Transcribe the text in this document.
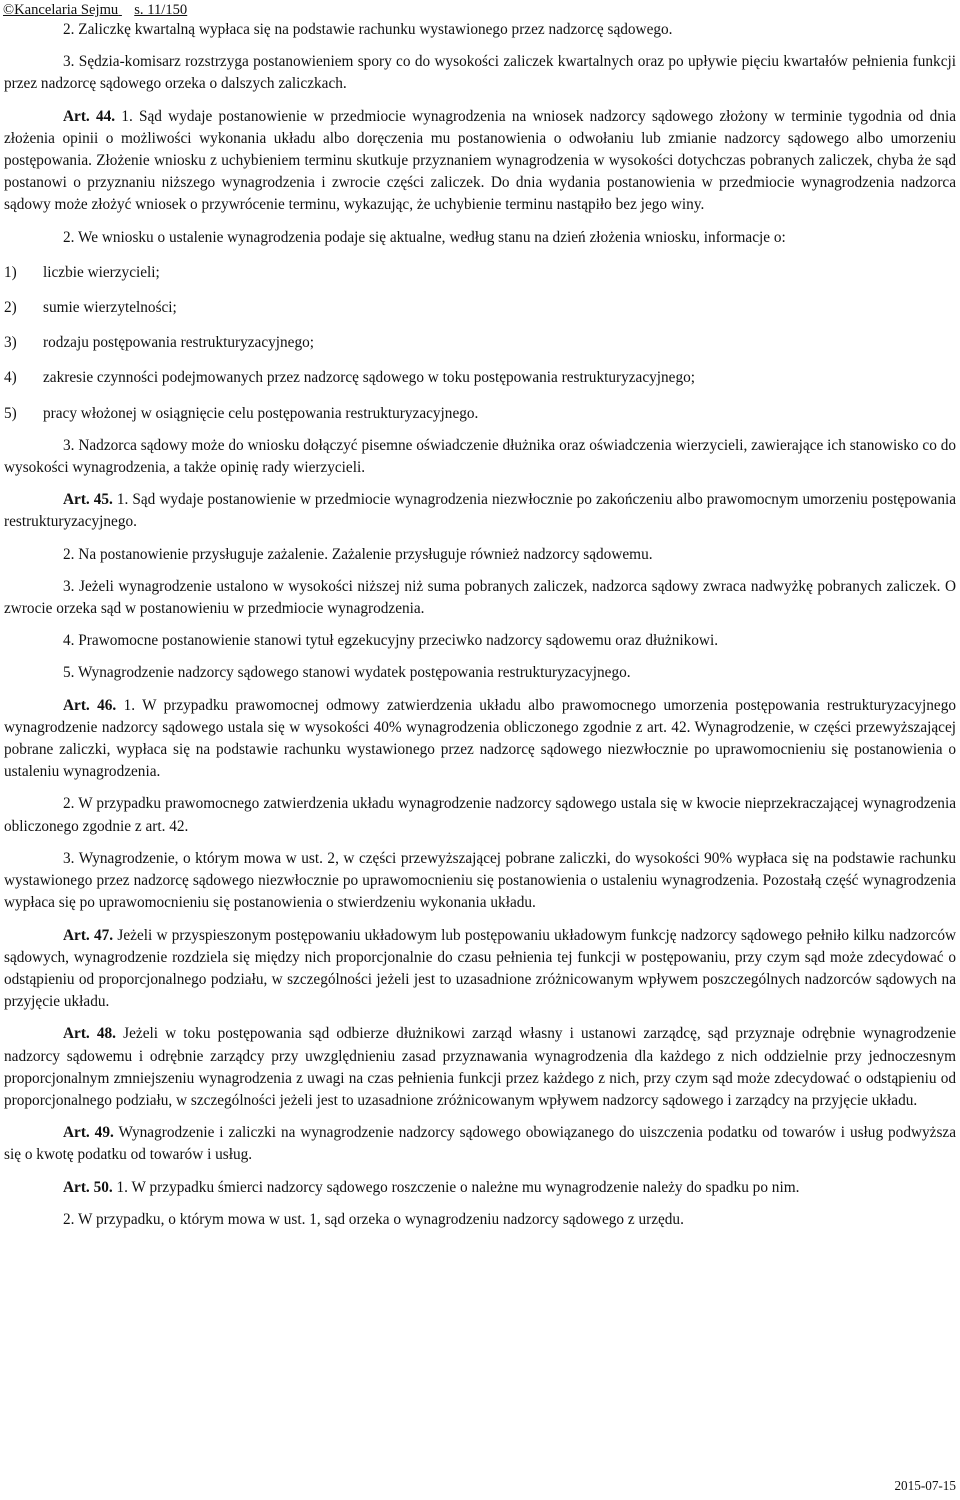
©Kancelaria Sejmu
s. 11/150

2. Zaliczkę kwartalną wypłaca się na podstawie rachunku wystawionego przez nadzorcę sądowego.

3. Sędzia-komisarz rozstrzyga postanowieniem spory co do wysokości zaliczek kwartalnych oraz po upływie pięciu kwartałów pełnienia funkcji przez nadzorcę sądowego orzeka o dalszych zaliczkach.

Art. 44. 1. Sąd wydaje postanowienie w przedmiocie wynagrodzenia na wniosek nadzorcy sądowego złożony w terminie tygodnia od dnia złożenia opinii o możliwości wykonania układu albo doręczenia mu postanowienia o odwołaniu lub zmianie nadzorcy sądowego albo umorzeniu postępowania. Złożenie wniosku z uchybieniem terminu skutkuje przyznaniem wynagrodzenia w wysokości dotychczas pobranych zaliczek, chyba że sąd postanowi o przyznaniu niższego wynagrodzenia i zwrocie części zaliczek. Do dnia wydania postanowienia w przedmiocie wynagrodzenia nadzorca sądowy może złożyć wniosek o przywrócenie terminu, wykazując, że uchybienie terminu nastąpiło bez jego winy.

2. We wniosku o ustalenie wynagrodzenia podaje się aktualne, według stanu na dzień złożenia wniosku, informacje o:

1)	liczbie wierzycieli;
2)	sumie wierzytelności;
3)	rodzaju postępowania restrukturyzacyjnego;
4)	zakresie czynności podejmowanych przez nadzorcę sądowego w toku postępowania restrukturyzacyjnego;
5)	pracy włożonej w osiągnięcie celu postępowania restrukturyzacyjnego.

3. Nadzorca sądowy może do wniosku dołączyć pisemne oświadczenie dłużnika oraz oświadczenia wierzycieli, zawierające ich stanowisko co do wysokości wynagrodzenia, a także opinię rady wierzycieli.

Art. 45. 1. Sąd wydaje postanowienie w przedmiocie wynagrodzenia niezwłocznie po zakończeniu albo prawomocnym umorzeniu postępowania restrukturyzacyjnego.

2. Na postanowienie przysługuje zażalenie. Zażalenie przysługuje również nadzorcy sądowemu.

3. Jeżeli wynagrodzenie ustalono w wysokości niższej niż suma pobranych zaliczek, nadzorca sądowy zwraca nadwyżkę pobranych zaliczek. O zwrocie orzeka sąd w postanowieniu w przedmiocie wynagrodzenia.

4. Prawomocne postanowienie stanowi tytuł egzekucyjny przeciwko nadzorcy sądowemu oraz dłużnikowi.

5. Wynagrodzenie nadzorcy sądowego stanowi wydatek postępowania restrukturyzacyjnego.

Art. 46. 1. W przypadku prawomocnej odmowy zatwierdzenia układu albo prawomocnego umorzenia postępowania restrukturyzacyjnego wynagrodzenie nadzorcy sądowego ustala się w wysokości 40% wynagrodzenia obliczonego zgodnie z art. 42. Wynagrodzenie, w części przewyższającej pobrane zaliczki, wypłaca się na podstawie rachunku wystawionego przez nadzorcę sądowego niezwłocznie po uprawomocnieniu się postanowienia o ustaleniu wynagrodzenia.

2. W przypadku prawomocnego zatwierdzenia układu wynagrodzenie nadzorcy sądowego ustala się w kwocie nieprzekraczającej wynagrodzenia obliczonego zgodnie z art. 42.

3. Wynagrodzenie, o którym mowa w ust. 2, w części przewyższającej pobrane zaliczki, do wysokości 90% wypłaca się na podstawie rachunku wystawionego przez nadzorcę sądowego niezwłocznie po uprawomocnieniu się postanowienia o ustaleniu wynagrodzenia. Pozostałą część wynagrodzenia wypłaca się po uprawomocnieniu się postanowienia o stwierdzeniu wykonania układu.

Art. 47. Jeżeli w przyspieszonym postępowaniu układowym lub postępowaniu układowym funkcję nadzorcy sądowego pełniło kilku nadzorców sądowych, wynagrodzenie rozdziela się między nich proporcjonalnie do czasu pełnienia tej funkcji w postępowaniu, przy czym sąd może zdecydować o odstąpieniu od proporcjonalnego podziału, w szczególności jeżeli jest to uzasadnione zróżnicowanym wpływem poszczególnych nadzorców sądowych na przyjęcie układu.

Art. 48. Jeżeli w toku postępowania sąd odbierze dłużnikowi zarząd własny i ustanowi zarządcę, sąd przyznaje odrębnie wynagrodzenie nadzorcy sądowemu i odrębnie zarządcy przy uwzględnieniu zasad przyznawania wynagrodzenia dla każdego z nich oddzielnie przy jednoczesnym proporcjonalnym zmniejszeniu wynagrodzenia z uwagi na czas pełnienia funkcji przez każdego z nich, przy czym sąd może zdecydować o odstąpieniu od proporcjonalnego podziału, w szczególności jeżeli jest to uzasadnione zróżnicowanym wpływem nadzorcy sądowego i zarządcy na przyjęcie układu.

Art. 49. Wynagrodzenie i zaliczki na wynagrodzenie nadzorcy sądowego obowiązanego do uiszczenia podatku od towarów i usług podwyższa się o kwotę podatku od towarów i usług.

Art. 50. 1. W przypadku śmierci nadzorcy sądowego roszczenie o należne mu wynagrodzenie należy do spadku po nim.

2. W przypadku, o którym mowa w ust. 1, sąd orzeka o wynagrodzeniu nadzorcy sądowego z urzędu.

2015-07-15
